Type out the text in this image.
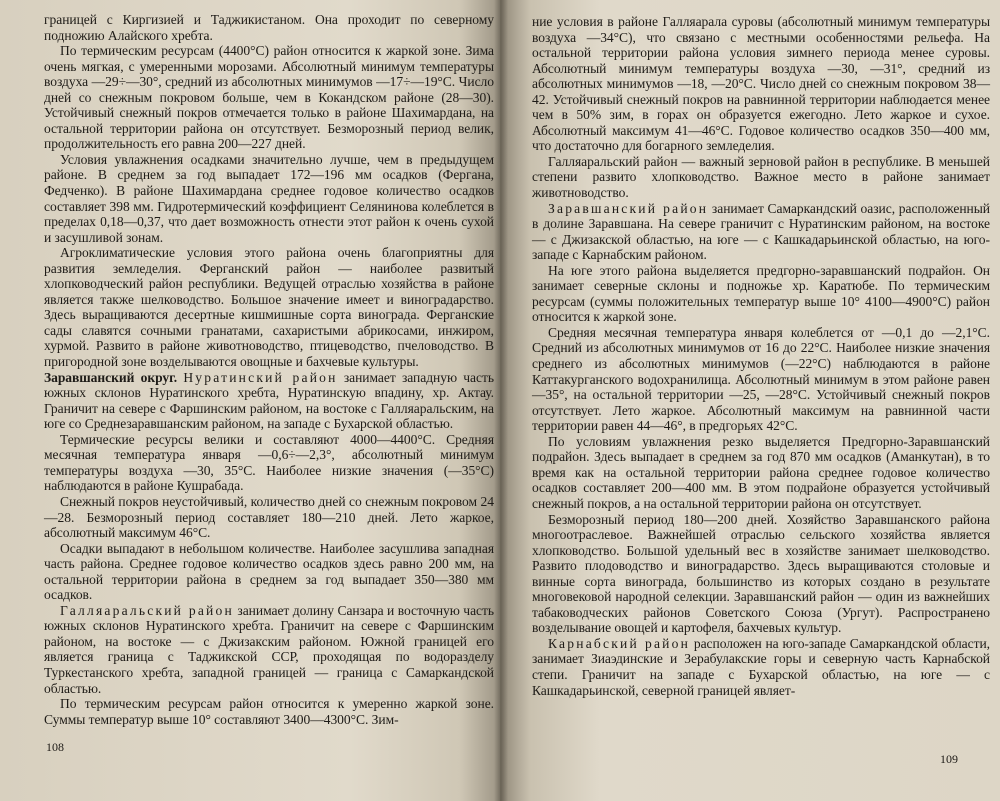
границей с Киргизией и Таджикистаном. Она проходит по северному подножию Алайского хребта.

По термическим ресурсам (4400°С) район относится к жаркой зоне. Зима очень мягкая, с умеренными морозами. Абсолютный минимум температуры воздуха —29÷—30°, средний из абсолютных минимумов —17÷—19°С. Число дней со снежным покровом больше, чем в Кокандском районе (28—30). Устойчивый снежный покров отмечается только в районе Шахимардана, на остальной территории района он отсутствует. Безморозный период велик, продолжительность его равна 200—227 дней.

Условия увлажнения осадками значительно лучше, чем в предыдущем районе. В среднем за год выпадает 172—196 мм осадков (Фергана, Федченко). В районе Шахимардана среднее годовое количество осадков составляет 398 мм. Гидротермический коэффициент Селянинова колеблется в пределах 0,18—0,37, что дает возможность отнести этот район к очень сухой и засушливой зонам.

Агроклиматические условия этого района очень благоприятны для развития земледелия. Ферганский район — наиболее развитый хлопководческий район республики. Ведущей отраслью хозяйства в районе является также шелководство. Большое значение имеет и виноградарство. Здесь выращиваются десертные кишмишные сорта винограда. Ферганские сады славятся сочными гранатами, сахаристыми абрикосами, инжиром, хурмой. Развито в районе животноводство, птицеводство, пчеловодство. В пригородной зоне возделываются овощные и бахчевые культуры.

Заравшанский округ. Нуратинский район занимает западную часть южных склонов Нуратинского хребта, Нуратинскую впадину, хр. Актау. Граничит на севере с Фаршинским районом, на востоке с Галляаральским, на юге со Среднезаравшанским районом, на западе с Бухарской областью.

Термические ресурсы велики и составляют 4000—4400°С. Средняя месячная температура января —0,6÷—2,3°, абсолютный минимум температуры воздуха —30, 35°С. Наиболее низкие значения (—35°С) наблюдаются в районе Кушрабада.

Снежный покров неустойчивый, количество дней со снежным покровом 24—28. Безморозный период составляет 180—210 дней. Лето жаркое, абсолютный максимум 46°С.

Осадки выпадают в небольшом количестве. Наиболее засушлива западная часть района. Среднее годовое количество осадков здесь равно 200 мм, на остальной территории района в среднем за год выпадает 350—380 мм осадков.

Галляаральский район занимает долину Санзара и восточную часть южных склонов Нуратинского хребта. Граничит на севере с Фаршинским районом, на востоке — с Джизакским районом. Южной границей его является граница с Таджикской ССР, проходящая по водоразделу Туркестанского хребта, западной границей — граница с Самаркандской областью.

По термическим ресурсам район относится к умеренно жаркой зоне. Суммы температур выше 10° составляют 3400—4300°С. Зим-

108

ние условия в районе Галляарала суровы (абсолютный минимум температуры воздуха —34°С), что связано с местными особенностями рельефа. На остальной территории района условия зимнего периода менее суровы. Абсолютный минимум температуры воздуха —30, —31°, средний из абсолютных минимумов —18, —20°С. Число дней со снежным покровом 38—42. Устойчивый снежный покров на равнинной территории наблюдается менее чем в 50% зим, в горах он образуется ежегодно. Лето жаркое и сухое. Абсолютный максимум 41—46°С. Годовое количество осадков 350—400 мм, что достаточно для богарного земледелия.

Галляаральский район — важный зерновой район в республике. В меньшей степени развито хлопководство. Важное место в районе занимает животноводство.

Заравшанский район занимает Самаркандский оазис, расположенный в долине Заравшана. На севере граничит с Нуратинским районом, на востоке — с Джизакской областью, на юге — с Кашкадарьинской областью, на юго-западе с Карнабским районом.

На юге этого района выделяется предгорно-заравшанский подрайон. Он занимает северные склоны и подножье хр. Каратюбе. По термическим ресурсам (суммы положительных температур выше 10° 4100—4900°С) район относится к жаркой зоне.

Средняя месячная температура января колеблется от —0,1 до —2,1°С. Средний из абсолютных минимумов от 16 до 22°С. Наиболее низкие значения среднего из абсолютных минимумов (—22°С) наблюдаются в районе Каттакурганского водохранилища. Абсолютный минимум в этом районе равен —35°, на остальной территории —25, —28°С. Устойчивый снежный покров отсутствует. Лето жаркое. Абсолютный максимум на равнинной части территории равен 44—46°, в предгорьях 42°С.

По условиям увлажнения резко выделяется Предгорно-Заравшанский подрайон. Здесь выпадает в среднем за год 870 мм осадков (Аманкутан), в то время как на остальной территории района среднее годовое количество осадков составляет 200—400 мм. В этом подрайоне образуется устойчивый снежный покров, а на остальной территории района он отсутствует.

Безморозный период 180—200 дней. Хозяйство Заравшанского района многоотраслевое. Важнейшей отраслью сельского хозяйства является хлопководство. Большой удельный вес в хозяйстве занимает шелководство. Развито плодоводство и виноградарство. Здесь выращиваются столовые и винные сорта винограда, большинство из которых создано в результате многовековой народной селекции. Заравшанский район — один из важнейших табаководческих районов Советского Союза (Ургут). Распространено возделывание овощей и картофеля, бахчевых культур.

Карнабский район расположен на юго-западе Самаркандской области, занимает Зиаэдинские и Зерабулакские горы и северную часть Карнабской степи. Граничит на западе с Бухарской областью, на юге — с Кашкадарьинской, северной границей являет-

109
